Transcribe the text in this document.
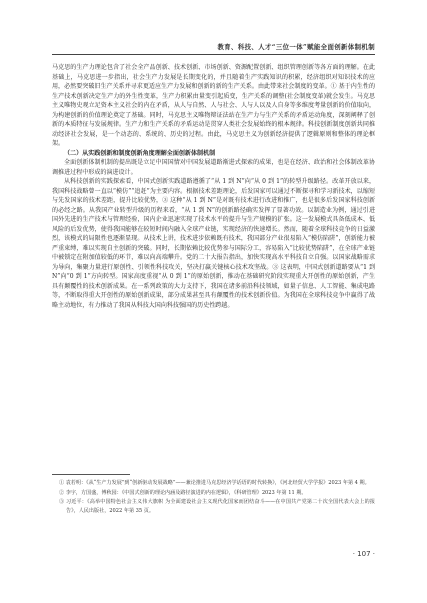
教育、科技、人才“三位一体”赋能全面创新体制机制

马克思的生产力理论包含了社会全产品创新、技术创新、市场创新、资源配置创新、组织管理创新等各方面的理解。在此基础上，马克思进一步指出，社会生产力发展是长期变化的，并且随着生产实践知识的积累，经济组织对知识技术的应用，必然要突破旧生产关系并寻求更适应生产力发展和创新的新的生产关系。由此带来社会制度的变革。① 基于内生性的生产技术创新决定生产力的外生性变革，生产力积累由量变引起质变，生产关系的调整(社会制度变革)就会发生。马克思主义唯物史观立足资本主义社会的内在矛盾，从人与自然、人与社会、人与人以及人自身等多维度考量创新的价值取向，为构建创新的价值理论奠定了基础。同时，马克思主义唯物辩证法站在生产力与生产关系的矛盾运动角度，深刻阐释了创新的本质特征与发展规律。生产力和生产关系的矛盾运动是贯穿人类社会发展始终的根本规律。科技创新制度创新共同推动经济社会发展，是一个动态的、系统的、历史的过程。由此，马克思主义为创新经济提供了逻辑原则和整体的理论框架。

（二）从实践创新和制度创新角度理解全面创新体制机制

全面创新体制机制的提出既是立足中国国情对中国发展道路渐进式探索的成果，也是在经济、政治和社会体制改革协调推进过程中形成的演进设计。

从科技创新的实践探索看，中国式创新实践道路遵循了“从 1 到 N”向“从 0 到 1”的转型升级路径。改革开放以来，我国科技战略曾一直以“模仿”“追赶”为主要内容。根据技术差距理论，后发国家可以通过不断探寻和学习新技术，以缩短与先发国家的技术差距，提升比较优势，③ 这种“从 1 到 N”是对既有技术进行改进和推广，也是很多后发国家科技创新的必经之路。从我国产业转型升级的历程来看，“从 1 到 N”的创新路径确实发挥了显著功效。以制造业为例，通过引进国外先进的生产技术与管理经验，国内企业迅速实现了技术水平的提升与生产规模的扩张。这一发展模式具备低成本、低风险的后发优势，使得我国能够在较短时间内融入全球产业链，实现经济的快速增长。然而，随着全球科技竞争的日益激烈，该模式的局限性也逐渐显现。从技术上讲，技术进步依赖既有技术，我国部分产业很易陷入“模仿陷阱”，创新能力被严重束缚，难以实现自主创新的突破。同时，长期依赖比较优势参与国际分工，容易陷入“比较优势陷阱”，在全球产业链中被锁定在附加值较低的环节，难以向高端攀升。党的二十大报告指出，加快实现高水平科技自立自强。以国家战略需求为导向，集聚力量进行原创性、引领性科技攻关，坚决打赢关键核心技术攻坚战。③ 这表明，中国式创新道路要从“1 到 N”向“0 到 1”方向转型。国家高度重视“从 0 到 1”的原始创新，推动在基础研究阶段实现重大开创性的原始创新，产生具有颠覆性的技术创新成果。在一系列政策的大力支持下，我国在诸多前沿科技领域，如量子信息、人工智能、集成电路等，不断取得重大开创性的原始创新成果，部分成果甚至具有颠覆性的技术创新价值。为我国在全球科技竞争中赢得了战略主动地位，有力推动了我国从科技大国向科技强国的历史性跨越。

① 袁若明：《从“生产力发展”到“创新驱动发展战略”——兼论推进马克思经济学话语的时代转换》，《河北经贸大学学报》2023 年第 4 期。

② 李宇，方国盛，傅秋园：《中国式创新的理论内涵及路径演进的内在逻辑》，《科研管理》2023 年第 11 期。

③ 习近平：《高举中国特色社会主义伟大旗帜 为全面建设社会主义现代化国家而团结奋斗——在中国共产党第二十次全国代表大会上的报告》，人民出版社，2022 年第 35 页。

· 107 ·
